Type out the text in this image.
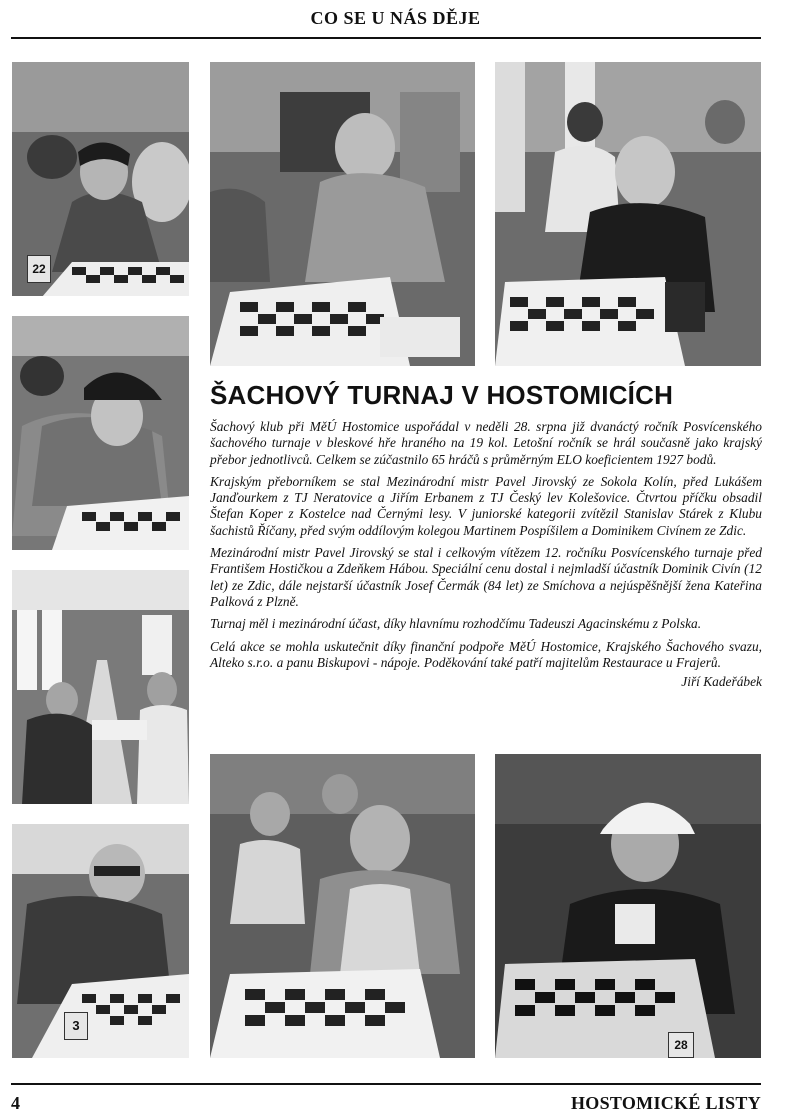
CO SE U NÁS DĚJE
22
3
ŠACHOVÝ TURNAJ V HOSTOMICÍCH

Šachový klub při MěÚ Hostomice uspořádal v neděli 28. srpna již dvanáctý ročník Posvícenského šachového turnaje v bleskové hře hraného na 19 kol. Letošní ročník se hrál současně jako krajský přebor jednotlivců. Celkem se zúčastnilo 65 hráčů s průměrným ELO koeficientem 1927 bodů.

Krajským přeborníkem se stal Mezinárodní mistr Pavel Jirovský ze Sokola Kolín, před Lukášem Janďourkem z TJ Neratovice a Jiřím Erbanem z TJ Český lev Kolešovice. Čtvrtou příčku obsadil Štefan Koper z Kostelce nad Černými lesy. V juniorské kategorii zvítězil Stanislav Stárek z Klubu šachistů Říčany, před svým oddílovým kolegou Martinem Pospíšilem a Dominikem Civínem ze Zdic.

Mezinárodní mistr Pavel Jirovský se stal i celkovým vítězem 12. ročníku Posvícenského turnaje před Františem Hostičkou a Zdeňkem Hábou. Speciální cenu dostal i nejmladší účastník Dominik Civín (12 let) ze Zdic, dále nejstarší účastník Josef Čermák (84 let) ze Smíchova a nejúspěšnější žena Kateřina Palková z Plzně.

Turnaj měl i mezinárodní účast, díky hlavnímu rozhodčímu Tadeuszi Agacinskému z Polska.

Celá akce se mohla uskutečnit díky finanční podpoře MěÚ Hostomice, Krajského Šachového svazu, Alteko s.r.o. a panu Biskupovi - nápoje. Poděkování také patří majitelům Restaurace u Frajerů.

Jiří Kadeřábek
28
4	HOSTOMICKÉ LISTY
